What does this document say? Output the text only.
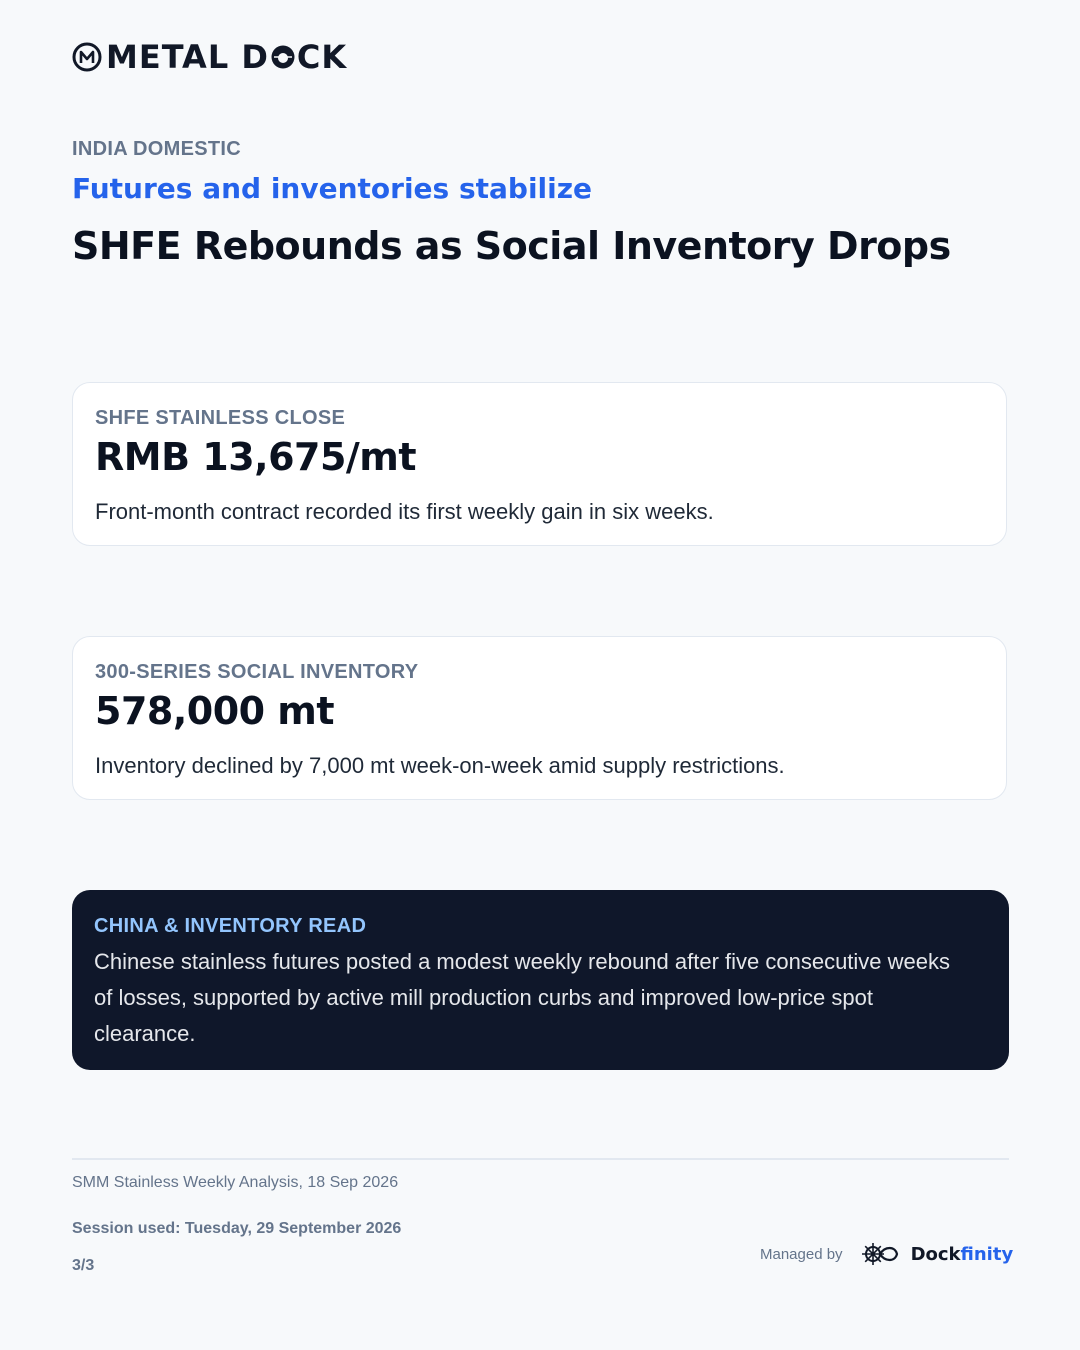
METAL D CK
INDIA DOMESTIC
Futures and inventories stabilize
SHFE Rebounds as Social Inventory Drops
SHFE STAINLESS CLOSE
RMB 13,675/mt
Front-month contract recorded its first weekly gain in six weeks.
300-SERIES SOCIAL INVENTORY
578,000 mt
Inventory declined by 7,000 mt week-on-week amid supply restrictions.
CHINA & INVENTORY READ
Chinese stainless futures posted a modest weekly rebound after five consecutive weeks of losses, supported by active mill production curbs and improved low-price spot clearance.
SMM Stainless Weekly Analysis, 18 Sep 2026
Session used: Tuesday, 29 September 2026
3/3
Managed by	Dockfinity
